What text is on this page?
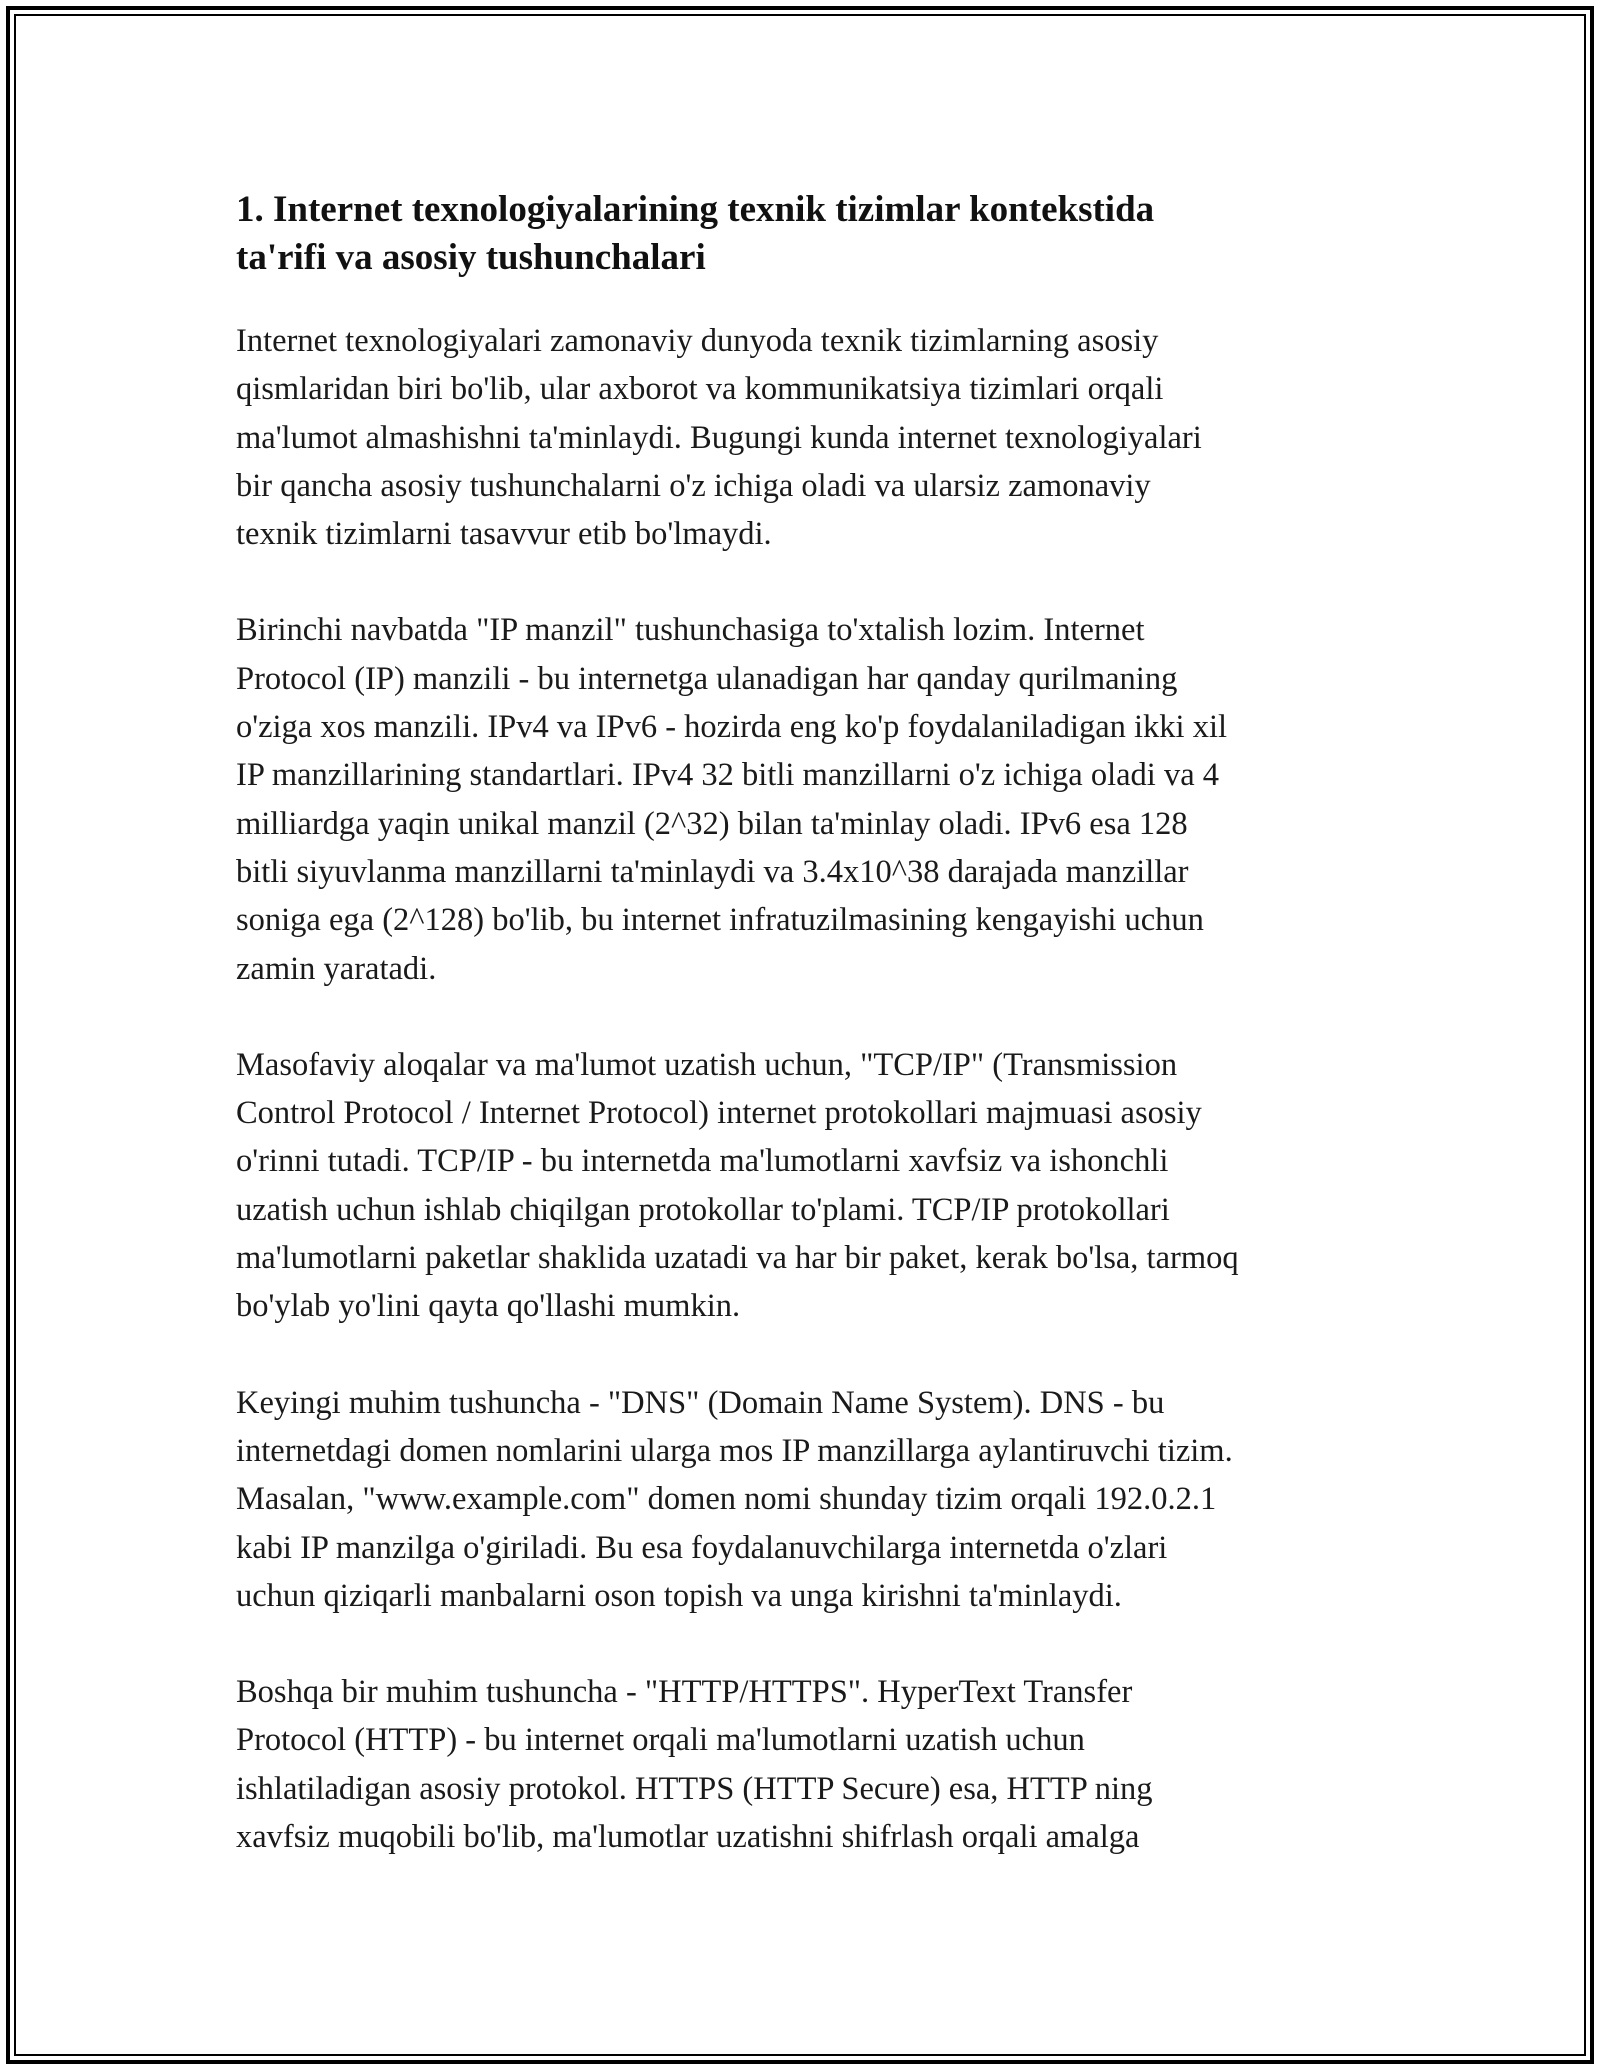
1. Internet texnologiyalarining texnik tizimlar kontekstida
ta'rifi va asosiy tushunchalari

Internet texnologiyalari zamonaviy dunyoda texnik tizimlarning asosiy
qismlaridan biri bo'lib, ular axborot va kommunikatsiya tizimlari orqali
ma'lumot almashishni ta'minlaydi. Bugungi kunda internet texnologiyalari
bir qancha asosiy tushunchalarni o'z ichiga oladi va ularsiz zamonaviy
texnik tizimlarni tasavvur etib bo'lmaydi.

Birinchi navbatda "IP manzil" tushunchasiga to'xtalish lozim. Internet
Protocol (IP) manzili - bu internetga ulanadigan har qanday qurilmaning
o'ziga xos manzili. IPv4 va IPv6 - hozirda eng ko'p foydalaniladigan ikki xil
IP manzillarining standartlari. IPv4 32 bitli manzillarni o'z ichiga oladi va 4
milliardga yaqin unikal manzil (2^32) bilan ta'minlay oladi. IPv6 esa 128
bitli siyuvlanma manzillarni ta'minlaydi va 3.4x10^38 darajada manzillar
soniga ega (2^128) bo'lib, bu internet infratuzilmasining kengayishi uchun
zamin yaratadi.

Masofaviy aloqalar va ma'lumot uzatish uchun, "TCP/IP" (Transmission
Control Protocol / Internet Protocol) internet protokollari majmuasi asosiy
o'rinni tutadi. TCP/IP - bu internetda ma'lumotlarni xavfsiz va ishonchli
uzatish uchun ishlab chiqilgan protokollar to'plami. TCP/IP protokollari
ma'lumotlarni paketlar shaklida uzatadi va har bir paket, kerak bo'lsa, tarmoq
bo'ylab yo'lini qayta qo'llashi mumkin.

Keyingi muhim tushuncha - "DNS" (Domain Name System). DNS - bu
internetdagi domen nomlarini ularga mos IP manzillarga aylantiruvchi tizim.
Masalan, "www.example.com" domen nomi shunday tizim orqali 192.0.2.1
kabi IP manzilga o'giriladi. Bu esa foydalanuvchilarga internetda o'zlari
uchun qiziqarli manbalarni oson topish va unga kirishni ta'minlaydi.

Boshqa bir muhim tushuncha - "HTTP/HTTPS". HyperText Transfer
Protocol (HTTP) - bu internet orqali ma'lumotlarni uzatish uchun
ishlatiladigan asosiy protokol. HTTPS (HTTP Secure) esa, HTTP ning
xavfsiz muqobili bo'lib, ma'lumotlar uzatishni shifrlash orqali amalga
